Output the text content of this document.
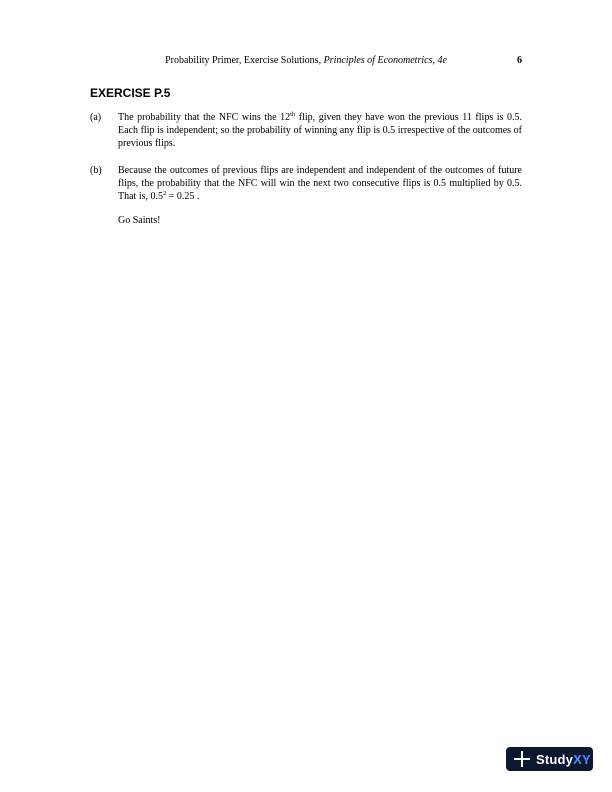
Probability Primer, Exercise Solutions, Principles of Econometrics, 4e	6
EXERCISE P.5
(a) The probability that the NFC wins the 12th flip, given they have won the previous 11 flips is 0.5. Each flip is independent; so the probability of winning any flip is 0.5 irrespective of the outcomes of previous flips.
(b) Because the outcomes of previous flips are independent and independent of the outcomes of future flips, the probability that the NFC will win the next two consecutive flips is 0.5 multiplied by 0.5. That is, $0.5^2 = 0.25$ .
Go Saints!
StudyXY
